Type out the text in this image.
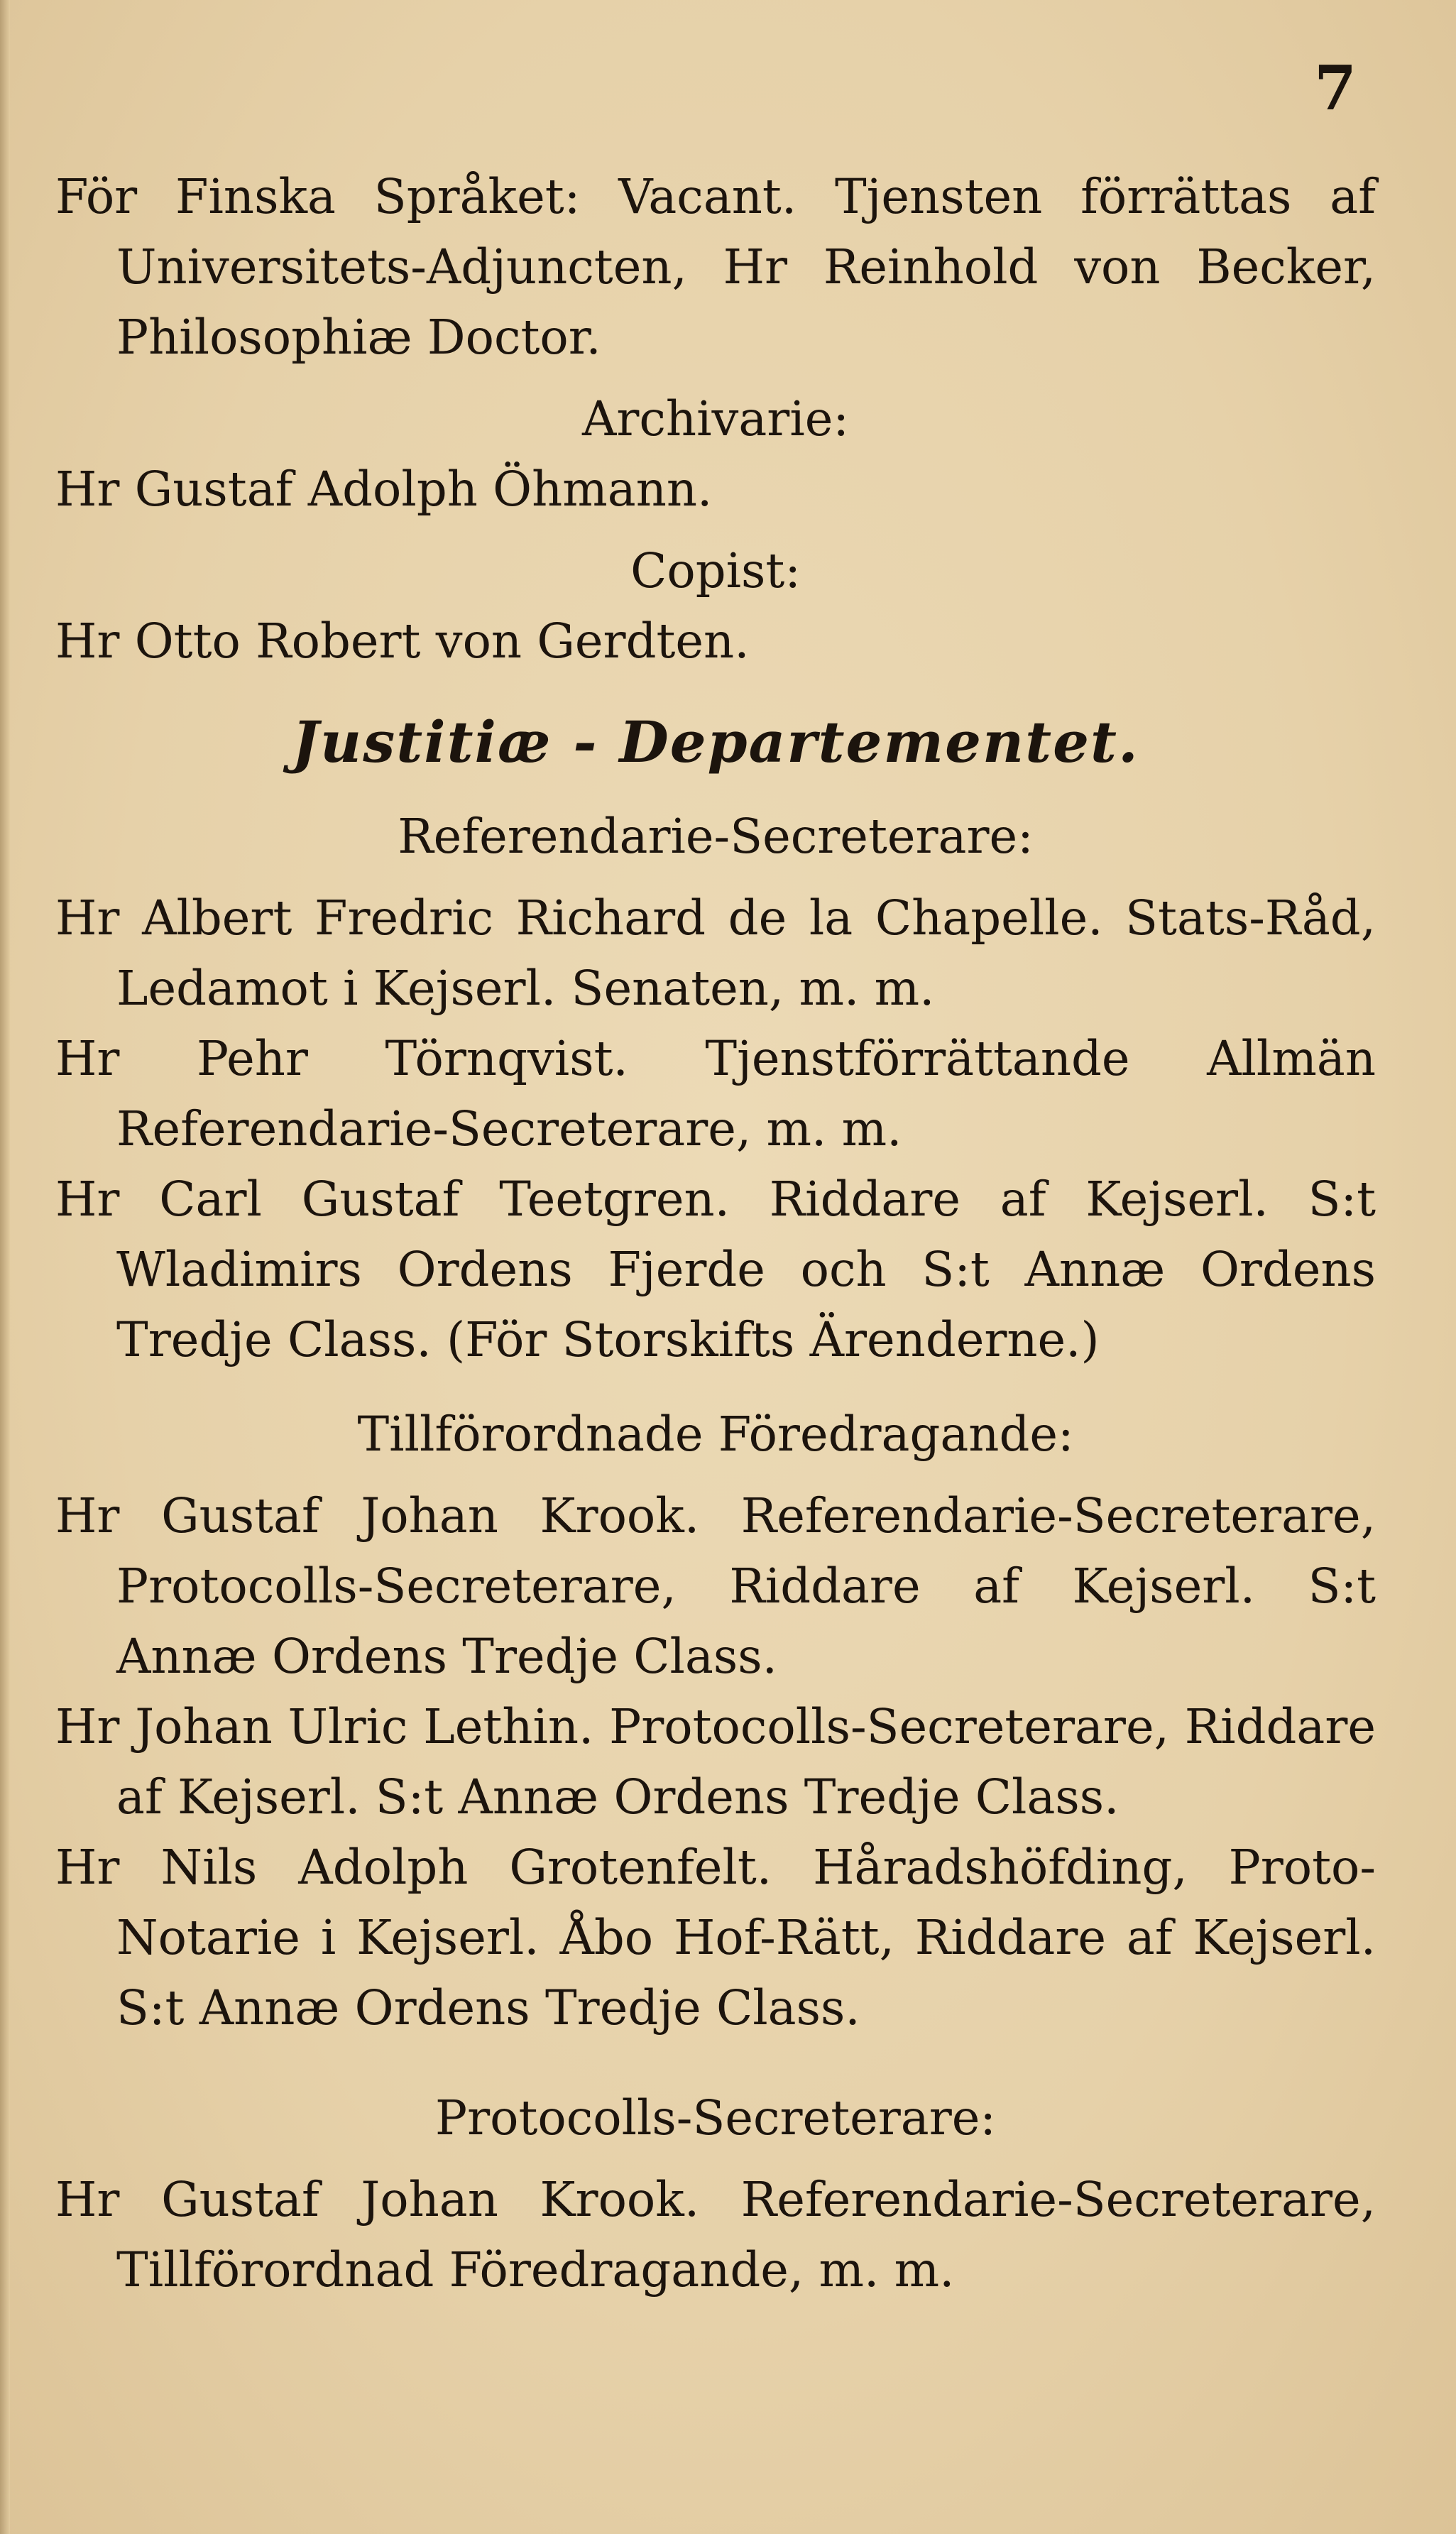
7

För Finska Språket: Vacant. Tjensten förrättas af Universitets-Adjuncten, Hr Reinhold von Becker, Philosophiæ Doctor.

Archivarie:

Hr Gustaf Adolph Öhmann.

Copist:

Hr Otto Robert von Gerdten.

Justitiæ - Departementet.

Referendarie-Secreterare:

Hr Albert Fredric Richard de la Chapelle. Stats-Råd, Ledamot i Kejserl. Senaten, m. m.

Hr Pehr Törnqvist. Tjenstförrättande Allmän Referendarie-Secreterare, m. m.

Hr Carl Gustaf Teetgren. Riddare af Kejserl. S:t Wladimirs Ordens Fjerde och S:t Annæ Ordens Tredje Class. (För Storskifts Ärenderne.)

Tillförordnade Föredragande:

Hr Gustaf Johan Krook. Referendarie-Secreterare, Protocolls-Secreterare, Riddare af Kejserl. S:t Annæ Ordens Tredje Class.

Hr Johan Ulric Lethin. Protocolls-Secreterare, Riddare af Kejserl. S:t Annæ Ordens Tredje Class.

Hr Nils Adolph Grotenfelt. Håradshöfding, Proto-Notarie i Kejserl. Åbo Hof-Rätt, Riddare af Kejserl. S:t Annæ Ordens Tredje Class.

Protocolls-Secreterare:

Hr Gustaf Johan Krook. Referendarie-Secreterare, Tillförordnad Föredragande, m. m.
